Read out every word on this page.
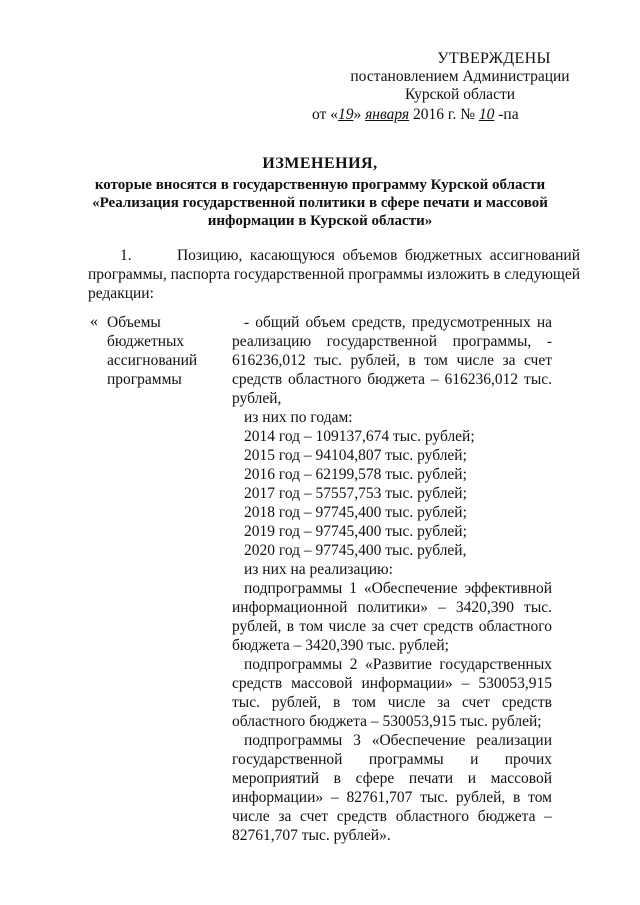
УТВЕРЖДЕНЫ
постановлением Администрации
Курской области
от «19» января 2016 г. № 10 -па
ИЗМЕНЕНИЯ,
которые вносятся в государственную программу Курской области
«Реализация государственной политики в сфере печати и массовой
информации в Курской области»
1.	Позицию, касающуюся объемов бюджетных ассигнований программы, паспорта государственной программы изложить в следующей редакции:
« Объемы
бюджетных
ассигнований
программы

- общий объем средств, предусмотренных на реализацию государственной программы, - 616236,012 тыс. рублей, в том числе за счет средств областного бюджета – 616236,012 тыс. рублей,

из них по годам:

2014 год – 109137,674 тыс. рублей;
2015 год – 94104,807 тыс. рублей;
2016 год – 62199,578 тыс. рублей;
2017 год – 57557,753 тыс. рублей;
2018 год – 97745,400 тыс. рублей;
2019 год – 97745,400 тыс. рублей;
2020 год – 97745,400 тыс. рублей,

из них на реализацию:

подпрограммы 1 «Обеспечение эффективной информационной политики» – 3420,390 тыс. рублей, в том числе за счет средств областного бюджета – 3420,390 тыс. рублей;

подпрограммы 2 «Развитие государственных средств массовой информации» – 530053,915 тыс. рублей, в том числе за счет средств областного бюджета – 530053,915 тыс. рублей;

подпрограммы 3 «Обеспечение реализации государственной программы и прочих мероприятий в сфере печати и массовой информации» – 82761,707 тыс. рублей, в том числе за счет средств областного бюджета – 82761,707 тыс. рублей».
